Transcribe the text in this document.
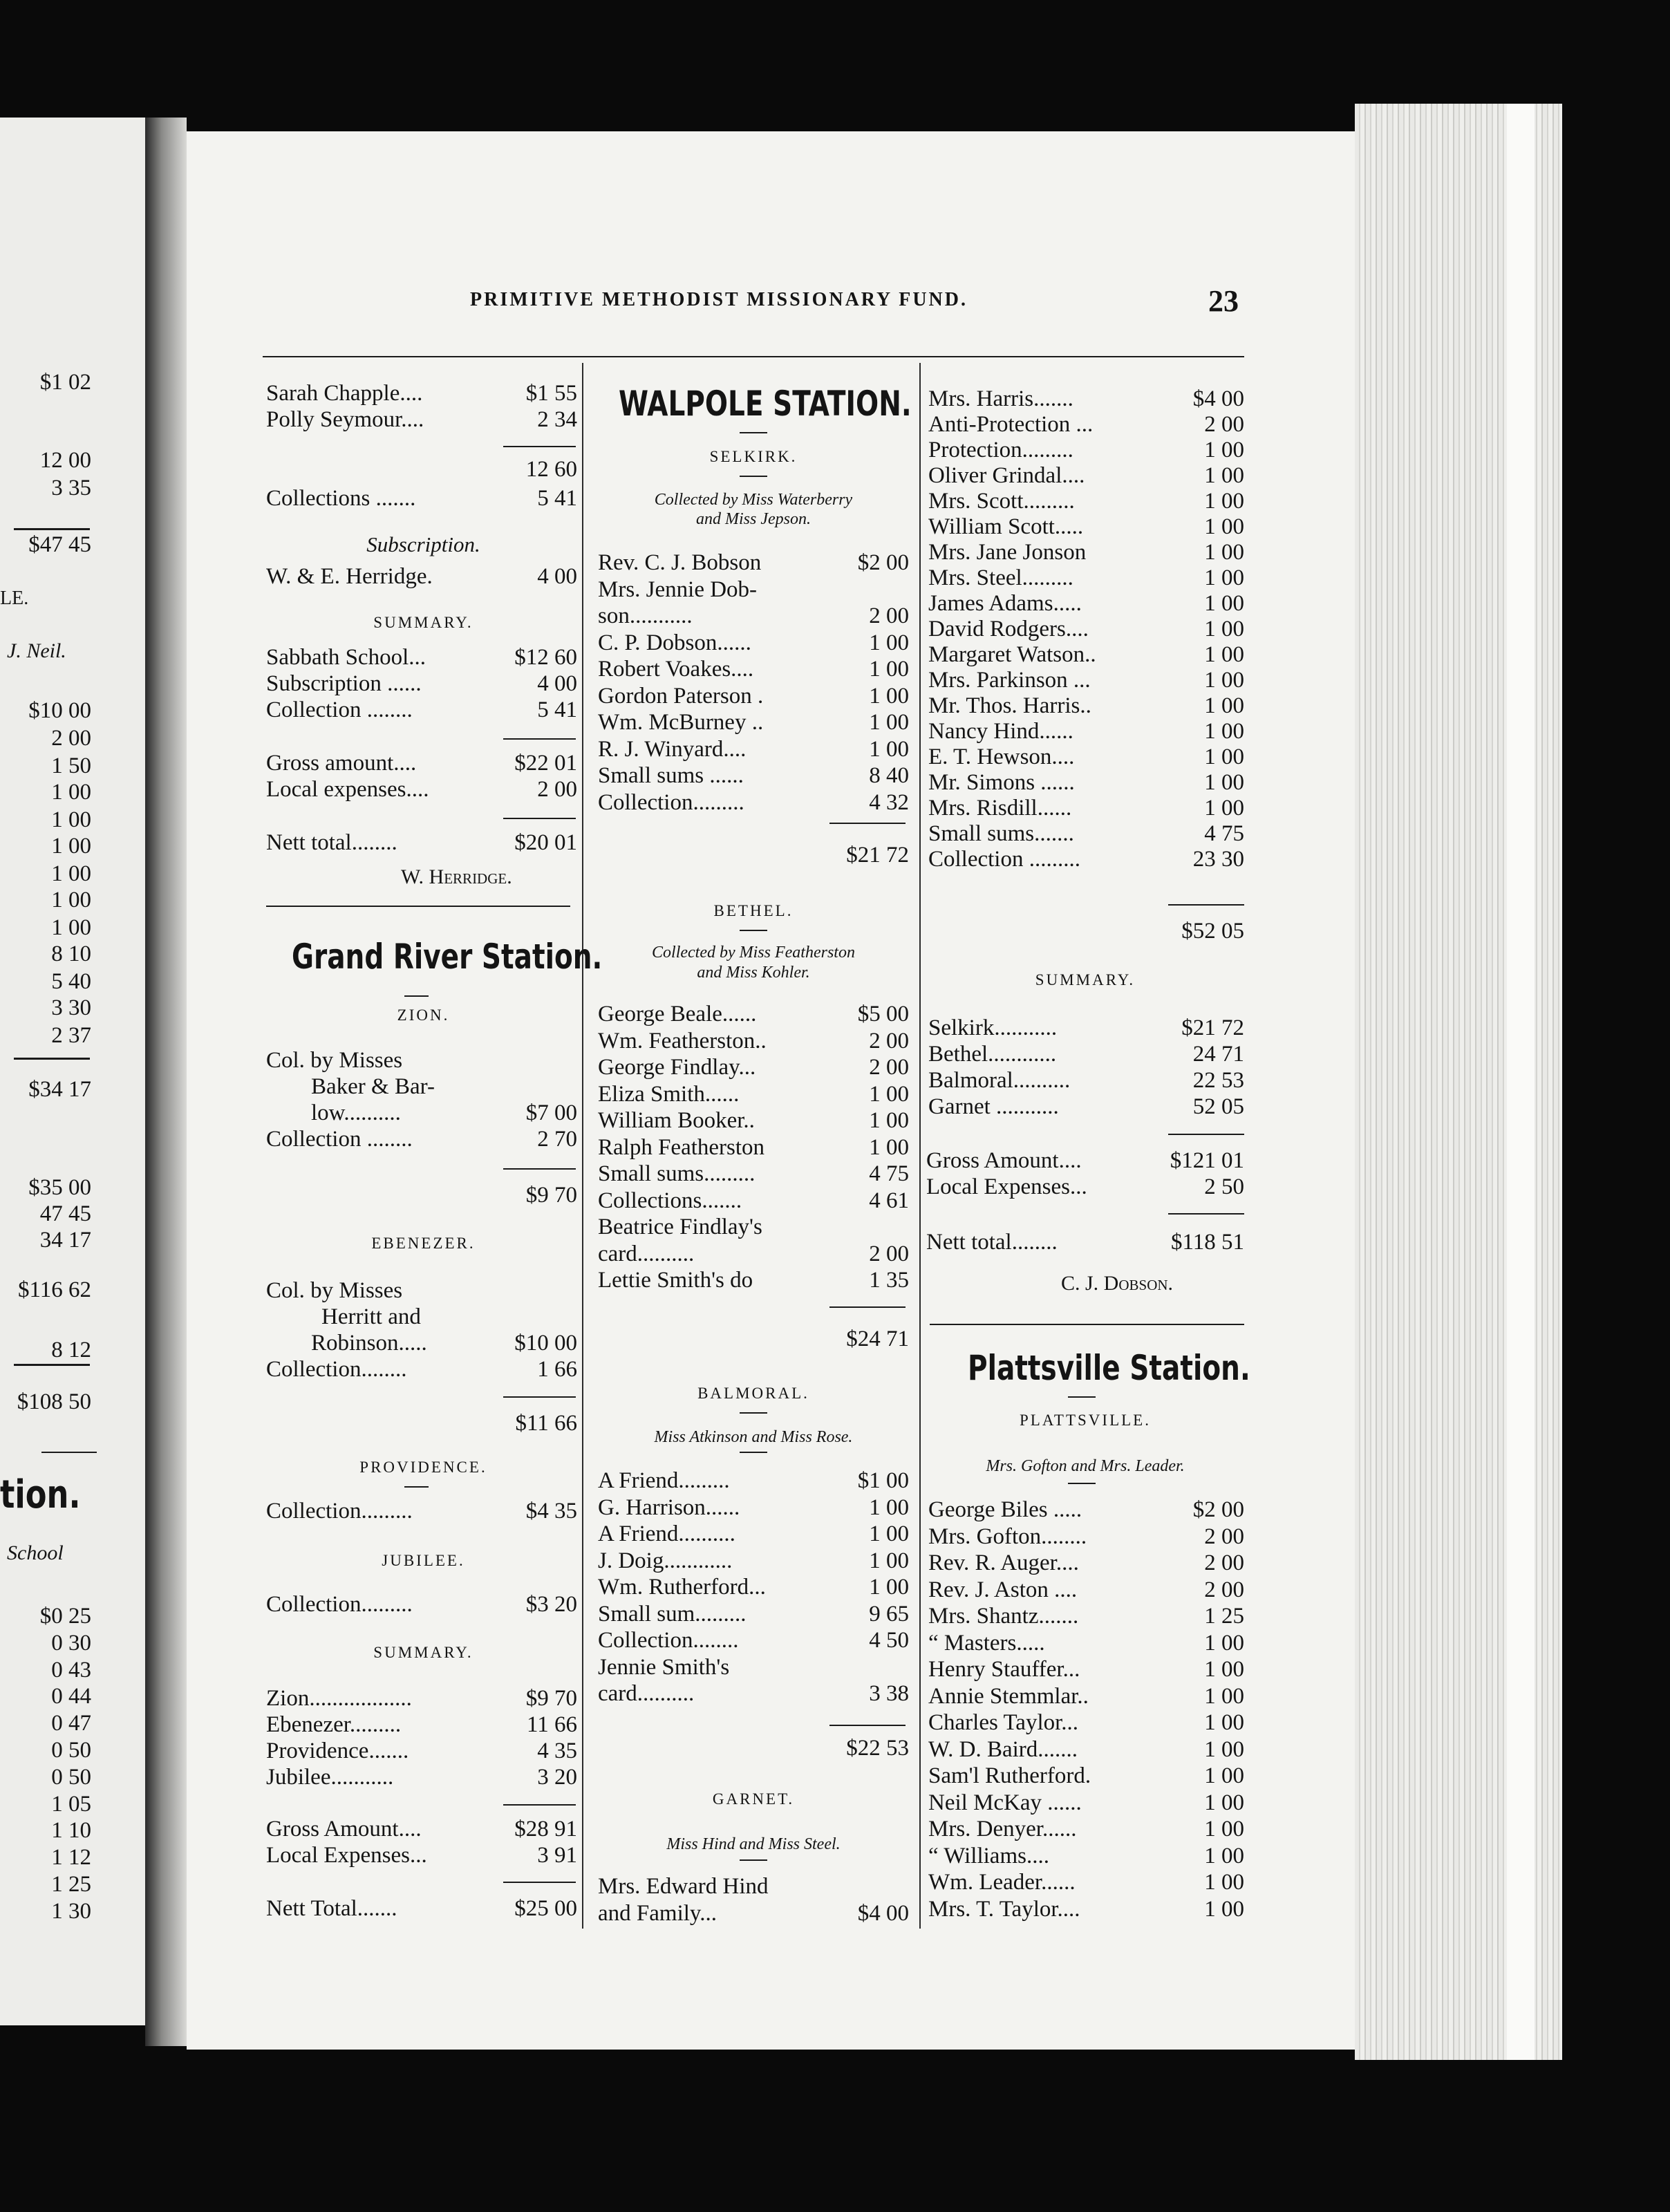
$1 02
12 00
3 35
$47 45
$10 00
2 00
1 50
1 00
1 00
1 00
1 00
1 00
1 00
8 10
5 40
3 30
2 37
$34 17
$35 00
47 45
34 17
$116 62
8 12
$108 50
LE.
J. Neil.
tion.
School
$0 25
0 30
0 43
0 44
0 47
0 50
0 50
1 05
1 10
1 12
1 25
1 30
PRIMITIVE METHODIST MISSIONARY FUND.	23
Sarah Chapple....	$1 55
Polly Seymour....	2 34
12 60
Collections .......	5 41
Subscription.
W. & E. Herridge.	4 00
SUMMARY.
Sabbath School...	$12 60
Subscription ......	4 00
Collection ........	5 41
Gross amount....	$22 01
Local expenses....	2 00
Nett total........	$20 01
W. Herridge.
Grand River Station.
ZION.
Col. by Misses
Baker & Bar-
low..........	$7 00
Collection ........	2 70
$9 70
EBENEZER.
Col. by Misses
Herritt and
Robinson.....	$10 00
Collection........	1 66
$11 66
PROVIDENCE.
Collection.........	$4 35
JUBILEE.
Collection.........	$3 20
SUMMARY.
Zion..................	$9 70
Ebenezer.........	11 66
Providence.......	4 35
Jubilee...........	3 20
Gross Amount....	$28 91
Local Expenses...	3 91
Nett Total.......	$25 00
WALPOLE STATION.
SELKIRK.
Collected by Miss Waterberry
and Miss Jepson.
Rev. C. J. Bobson	$2 00
Mrs. Jennie Dob-
son...........	2 00
C. P. Dobson......	1 00
Robert Voakes....	1 00
Gordon Paterson .	1 00
Wm. McBurney ..	1 00
R. J. Winyard....	1 00
Small sums ......	8 40
Collection.........	4 32
$21 72
BETHEL.
Collected by Miss Featherston
and Miss Kohler.
George Beale......	$5 00
Wm. Featherston..	2 00
George Findlay...	2 00
Eliza Smith......	1 00
William Booker..	1 00
Ralph Featherston	1 00
Small sums.........	4 75
Collections.......	4 61
Beatrice Findlay's
card..........	2 00
Lettie Smith's do	1 35
$24 71
BALMORAL.
Miss Atkinson and Miss Rose.
A Friend.........	$1 00
G. Harrison......	1 00
A Friend..........	1 00
J. Doig............	1 00
Wm. Rutherford...	1 00
Small sum.........	9 65
Collection........	4 50
Jennie Smith's
card..........	3 38
$22 53
GARNET.
Miss Hind and Miss Steel.
Mrs. Edward Hind
and Family...	$4 00
Mrs. Harris.......	$4 00
Anti-Protection ...	2 00
Protection.........	1 00
Oliver Grindal....	1 00
Mrs. Scott.........	1 00
William Scott.....	1 00
Mrs. Jane Jonson	1 00
Mrs. Steel.........	1 00
James Adams.....	1 00
David Rodgers....	1 00
Margaret Watson..	1 00
Mrs. Parkinson ...	1 00
Mr. Thos. Harris..	1 00
Nancy Hind......	1 00
E. T. Hewson....	1 00
Mr. Simons ......	1 00
Mrs. Risdill......	1 00
Small sums.......	4 75
Collection .........	23 30
$52 05
SUMMARY.
Selkirk...........	$21 72
Bethel............	24 71
Balmoral..........	22 53
Garnet ...........	52 05
Gross Amount....	$121 01
Local Expenses...	2 50
Nett total........	$118 51
C. J. Dobson.
Plattsville Station.
PLATTSVILLE.
Mrs. Gofton and Mrs. Leader.
George Biles .....	$2 00
Mrs. Gofton........	2 00
Rev. R. Auger....	2 00
Rev. J. Aston ....	2 00
Mrs. Shantz.......	1 25
“ Masters.....	1 00
Henry Stauffer...	1 00
Annie Stemmlar..	1 00
Charles Taylor...	1 00
W. D. Baird.......	1 00
Sam'l Rutherford.	1 00
Neil McKay ......	1 00
Mrs. Denyer......	1 00
“ Williams....	1 00
Wm. Leader......	1 00
Mrs. T. Taylor....	1 00
